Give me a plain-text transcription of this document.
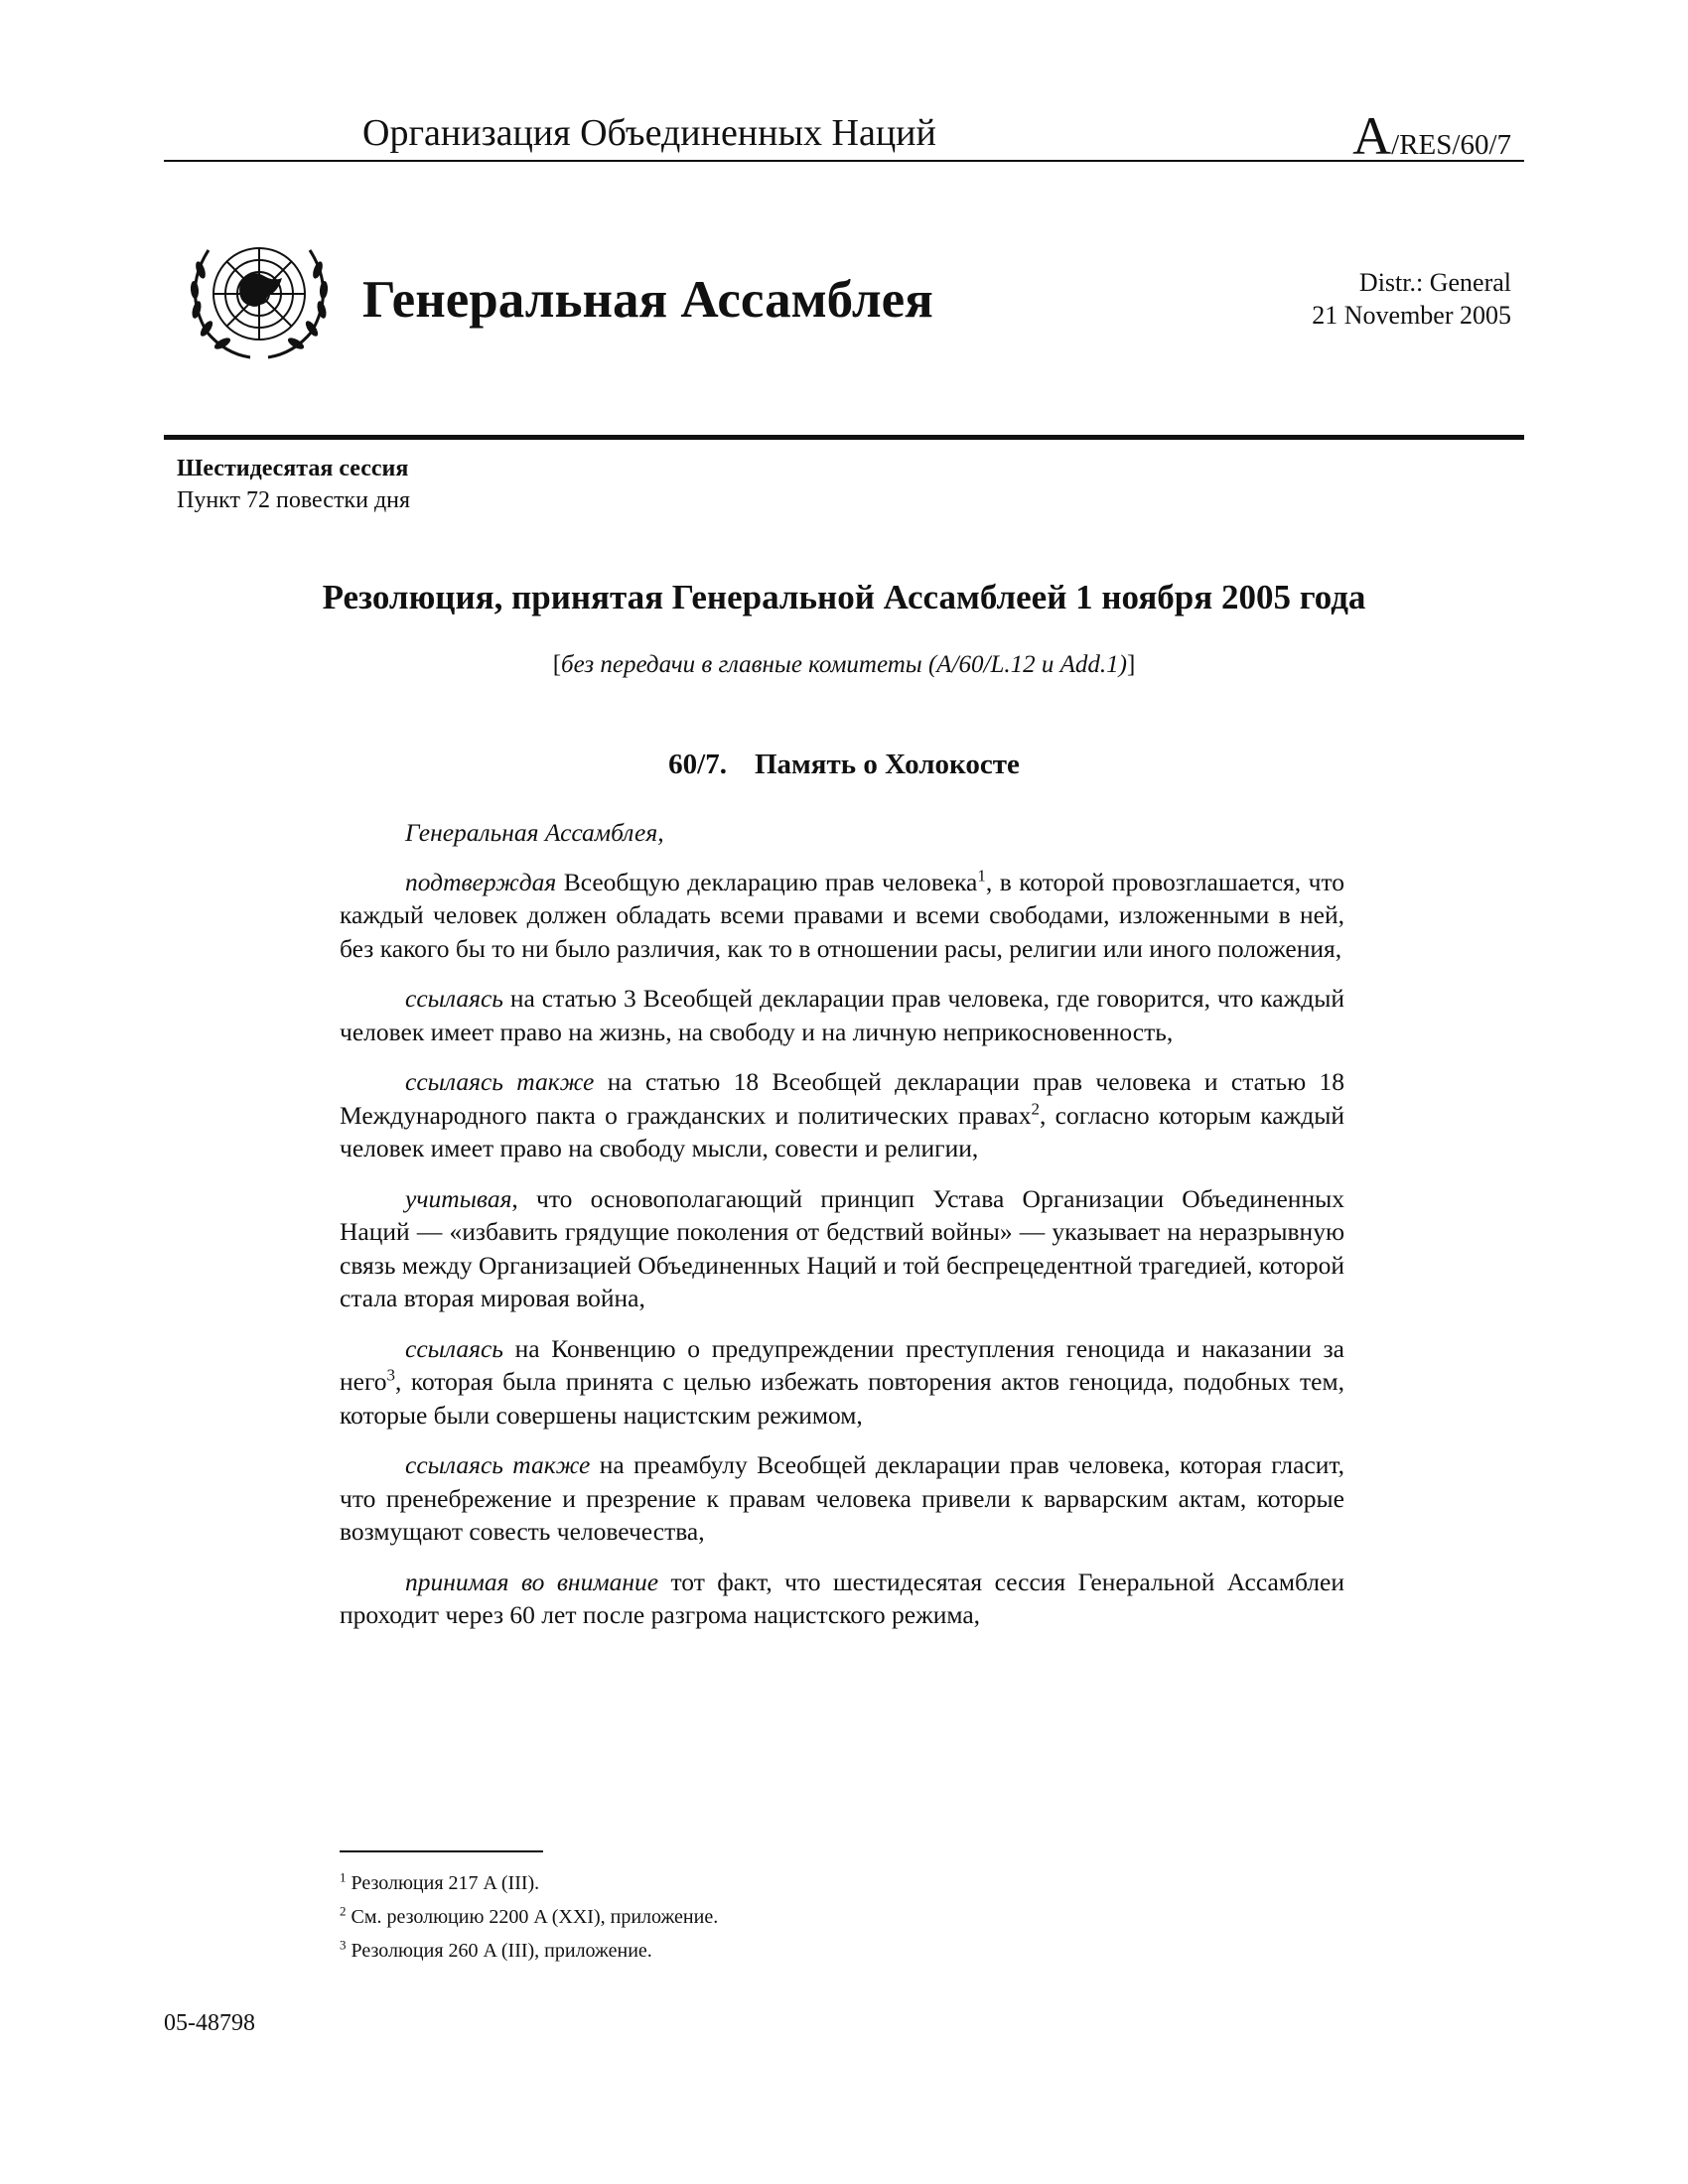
Организация Объединенных Наций	A/RES/60/7
Генеральная Ассамблея	Distr.: General
21 November 2005
Шестидесятая сессия
Пункт 72 повестки дня
Резолюция, принятая Генеральной Ассамблеей 1 ноября 2005 года
[без передачи в главные комитеты (A/60/L.12 и Add.1)]
60/7. Память о Холокосте

Генеральная Ассамблея,

подтверждая Всеобщую декларацию прав человека$^1$, в которой провозглашается, что каждый человек должен обладать всеми правами и всеми свободами, изложенными в ней, без какого бы то ни было различия, как то в отношении расы, религии или иного положения,

ссылаясь на статью 3 Всеобщей декларации прав человека, где говорится, что каждый человек имеет право на жизнь, на свободу и на личную неприкосновенность,

ссылаясь также на статью 18 Всеобщей декларации прав человека и статью 18 Международного пакта о гражданских и политических правах$^2$, согласно которым каждый человек имеет право на свободу мысли, совести и религии,

учитывая, что основополагающий принцип Устава Организации Объединенных Наций — «избавить грядущие поколения от бедствий войны» — указывает на неразрывную связь между Организацией Объединенных Наций и той беспрецедентной трагедией, которой стала вторая мировая война,

ссылаясь на Конвенцию о предупреждении преступления геноцида и наказании за него$^3$, которая была принята с целью избежать повторения актов геноцида, подобных тем, которые были совершены нацистским режимом,

ссылаясь также на преамбулу Всеобщей декларации прав человека, которая гласит, что пренебрежение и презрение к правам человека привели к варварским актам, которые возмущают совесть человечества,

принимая во внимание тот факт, что шестидесятая сессия Генеральной Ассамблеи проходит через 60 лет после разгрома нацистского режима,

$^1$ Резолюция 217 A (III).
$^2$ См. резолюцию 2200 A (XXI), приложение.
$^3$ Резолюция 260 A (III), приложение.
05-48798
